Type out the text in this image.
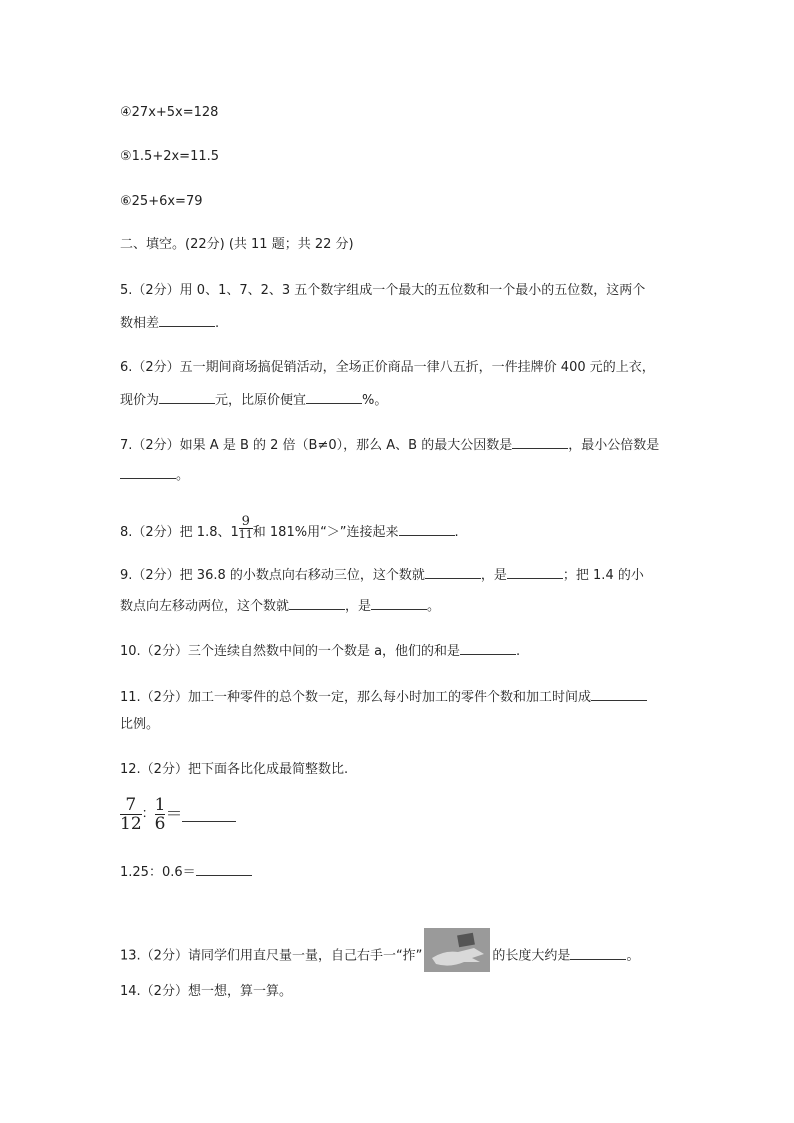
④27x+5x=128
⑤1.5+2x=11.5
⑥25+6x=79
二、填空。(22分) (共 11 题；共 22 分)
5.（2分）用 0、1、7、2、3 五个数字组成一个最大的五位数和一个最小的五位数，这两个
数相差	.
6.（2分）五一期间商场搞促销活动，全场正价商品一律八五折，一件挂牌价 400 元的上衣，
现价为	元，比原价便宜	%。
7.（2分）如果 A 是 B 的 2 倍（B≠0），那么 A、B 的最大公因数是	，最小公倍数是
。
8.（2分）把 1.8、$1 \frac{9}{11}$ 和 181%用“＞”连接起来	.
9.（2分）把 36.8 的小数点向右移动三位，这个数就	，是	；把 1.4 的小
数点向左移动两位，这个数就	，是	。
10.（2分）三个连续自然数中间的一个数是 a，他们的和是	.
11.（2分）加工一种零件的总个数一定，那么每小时加工的零件个数和加工时间成
比例。
12.（2分）把下面各比化成最简整数比.
$\frac{7}{12}$ ： $\frac{1}{6}$ ＝
1.25：0.6＝
13.（2分）请同学们用直尺量一量，自己右手一“拃”	的长度大约是	。
14.（2分）想一想，算一算。
